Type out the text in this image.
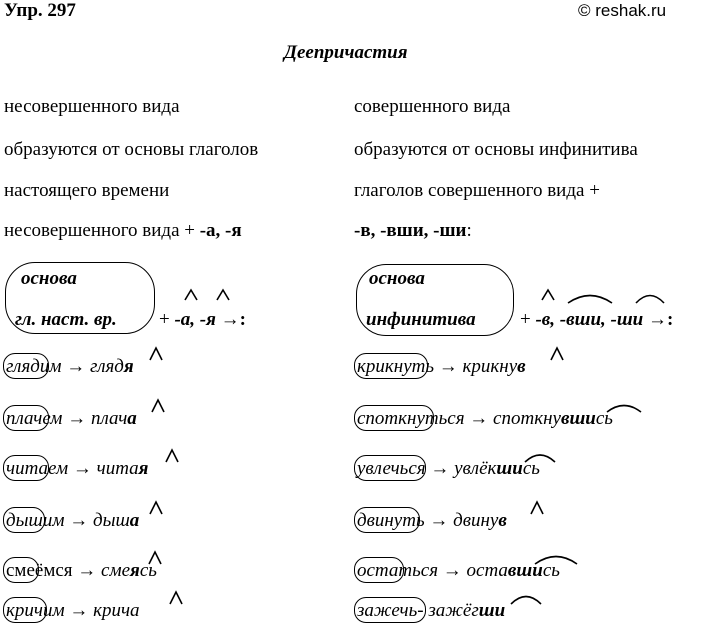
Упр. 297	© reshak.ru
Деепричастия
несовершенного вида
образуются от основы глаголов
настоящего времени
несовершенного вида + -а, -я
совершенного вида
образуются от основы инфинитива
глаголов совершенного вида +
-в, -вши, -ши:
основа
гл. наст. вр. + -а, -я →:
основа
инфинитива + -в, -вши, -ши →:
глядим → глядя
плачем → плача
читаем → читая
дышим → дыша
смеёмся → смеясь
кричим → крича
крикнуть → крикнув
споткнуться → споткнувшись
увлечься → увлёкшись
двинуть → двинув
остаться → оставшись
зажечь- зажёгши
